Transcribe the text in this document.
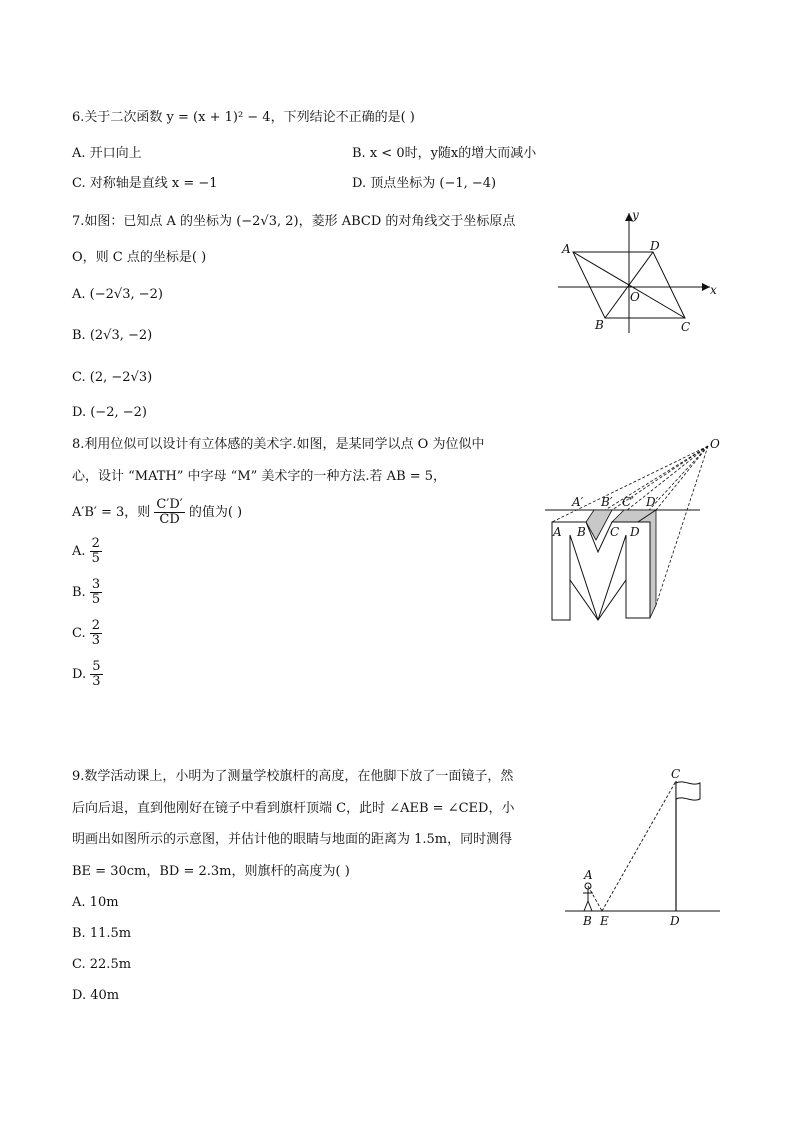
6.关于二次函数 y = (x + 1)² − 4，下列结论不正确的是( )
A. 开口向上	B. x < 0时，y随x的增大而减小
C. 对称轴是直线 x = −1	D. 顶点坐标为 (−1, −4)
7.如图：已知点 A 的坐标为 (−2√3, 2)，菱形 ABCD 的对角线交于坐标原点
O，则 C 点的坐标是( )
A. (−2√3, −2)
B. (2√3, −2)
C. (2, −2√3)
D. (−2, −2)
A	D
O
B	C
x
y
8.利用位似可以设计有立体感的美术字.如图，是某同学以点 O 为位似中
心，设计 “MATH” 中字母 “M” 美术字的一种方法.若 AB = 5，
A′B′ = 3，则 $\frac{C'D'}{CD}$ 的值为( )
A. $\frac{2}{5}$
B. $\frac{3}{5}$
C. $\frac{2}{3}$
D. $\frac{5}{3}$
O
A′ B′ C′ D′
A B C D
9.数学活动课上，小明为了测量学校旗杆的高度，在他脚下放了一面镜子，然
后向后退，直到他刚好在镜子中看到旗杆顶端 C，此时 ∠AEB = ∠CED，小
明画出如图所示的示意图，并估计他的眼睛与地面的距离为 1.5m，同时测得
BE = 30cm，BD = 2.3m，则旗杆的高度为( )
A. 10m
B. 11.5m
C. 22.5m
D. 40m
A
B E	D
C
